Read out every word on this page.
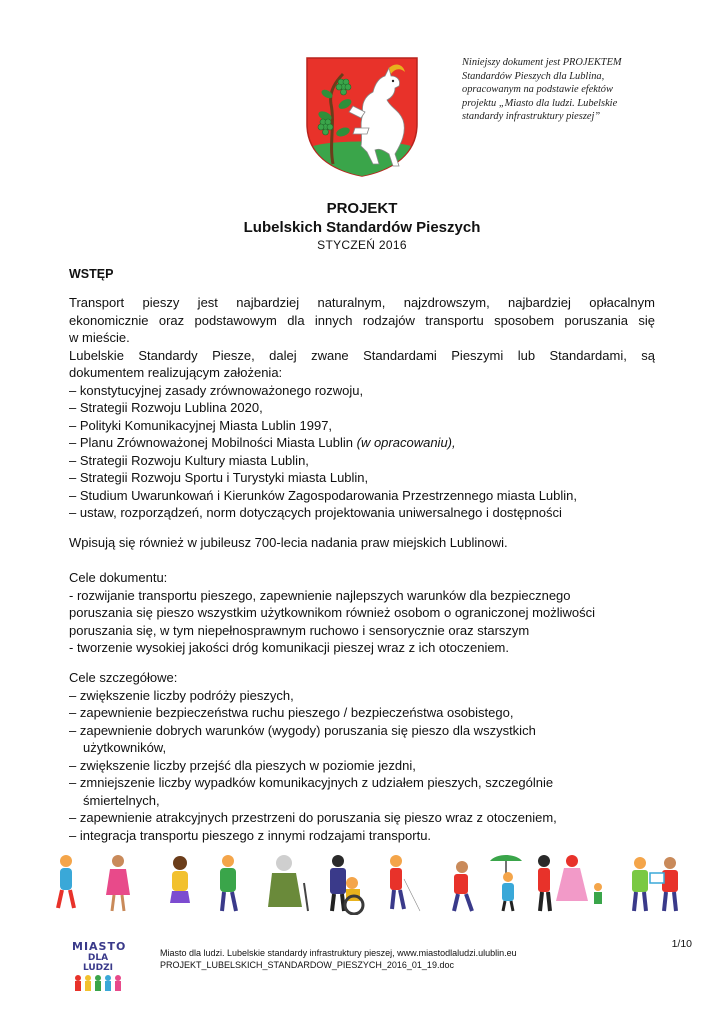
Niniejszy dokument jest PROJEKTEM
Standardów Pieszych dla Lublina,
opracowanym na podstawie efektów
projektu „Miasto dla ludzi. Lubelskie
standardy infrastruktury pieszej”
PROJEKT
Lubelskich Standardów Pieszych
STYCZEŃ 2016
WSTĘP
Transport pieszy jest najbardziej naturalnym, najzdrowszym, najbardziej opłacalnym
ekonomicznie oraz podstawowym dla innych rodzajów transportu sposobem poruszania się
w mieście.
Lubelskie Standardy Piesze, dalej zwane Standardami Pieszymi lub Standardami, są
dokumentem realizującym założenia:
– konstytucyjnej zasady zrównoważonego rozwoju,
– Strategii Rozwoju Lublina 2020,
– Polityki Komunikacyjnej Miasta Lublin 1997,
– Planu Zrównoważonej Mobilności Miasta Lublin (w opracowaniu),
– Strategii Rozwoju Kultury miasta Lublin,
– Strategii Rozwoju Sportu i Turystyki miasta Lublin,
– Studium Uwarunkowań i Kierunków Zagospodarowania Przestrzennego miasta Lublin,
– ustaw, rozporządzeń, norm dotyczących projektowania uniwersalnego i dostępności
Wpisują się również w jubileusz 700-lecia nadania praw miejskich Lublinowi.
Cele dokumentu:
- rozwijanie transportu pieszego, zapewnienie najlepszych warunków dla bezpiecznego
poruszania się pieszo wszystkim użytkownikom również osobom o ograniczonej możliwości
poruszania się, w tym niepełnosprawnym ruchowo i sensorycznie oraz starszym
- tworzenie wysokiej jakości dróg komunikacji pieszej wraz z ich otoczeniem.
Cele szczegółowe:
– zwiększenie liczby podróży pieszych,
– zapewnienie bezpieczeństwa ruchu pieszego / bezpieczeństwa osobistego,
– zapewnienie dobrych warunków (wygody) poruszania się pieszo dla wszystkich
użytkowników,
– zwiększenie liczby przejść dla pieszych w poziomie jezdni,
– zmniejszenie liczby wypadków komunikacyjnych z udziałem pieszych, szczególnie
śmiertelnych,
– zapewnienie atrakcyjnych przestrzeni do poruszania się pieszo wraz z otoczeniem,
– integracja transportu pieszego z innymi rodzajami transportu.
MIASTO
DLA LUDZI
Miasto dla ludzi. Lubelskie standardy infrastruktury pieszej, www.miastodlaludzi.ulublin.eu
PROJEKT_LUBELSKICH_STANDARDOW_PIESZYCH_2016_01_19.doc
1/10
